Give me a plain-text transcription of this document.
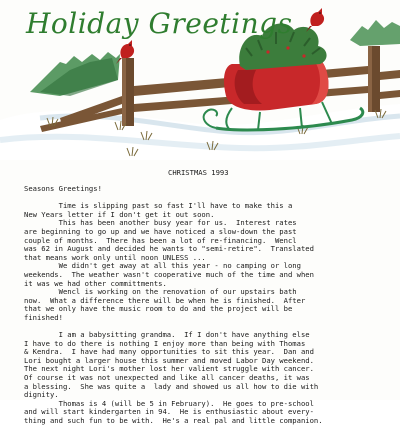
Holiday Greetings
CHRISTMAS 1993
Seasons Greetings!
Time is slipping past so fast I'll have to make this a
New Years letter if I don't get it out soon.
This has been another busy year for us.  Interest rates
are beginning to go up and we have noticed a slow-down the past
couple of months.  There has been a lot of re-financing.  Wencl
was 62 in August and decided he wants to "semi-retire".  Translated
that means work only until noon UNLESS ...
We didn't get away at all this year - no camping or long
weekends.  The weather wasn't cooperative much of the time and when
it was we had other committments.
Wencl is working on the renovation of our upstairs bath
now.  What a difference there will be when he is finished.  After
that we only have the music room to do and the project will be
finished!
I am a babysitting grandma.  If I don't have anything else
I have to do there is nothing I enjoy more than being with Thomas
& Kendra.  I have had many opportunities to sit this year.  Dan and
Lori bought a larger house this summer and moved Labor Day weekend.
The next night Lori's mother lost her valient struggle with cancer.
Of course it was not unexpected and like all cancer deaths, it was
a blessing.  She was quite a  lady and showed us all how to die with
dignity.
Thomas is 4 (will be 5 in February).  He goes to pre-school
and will start kindergarten in 94.  He is enthusiastic about every-
thing and such fun to be with.  He's a real pal and little companion.
